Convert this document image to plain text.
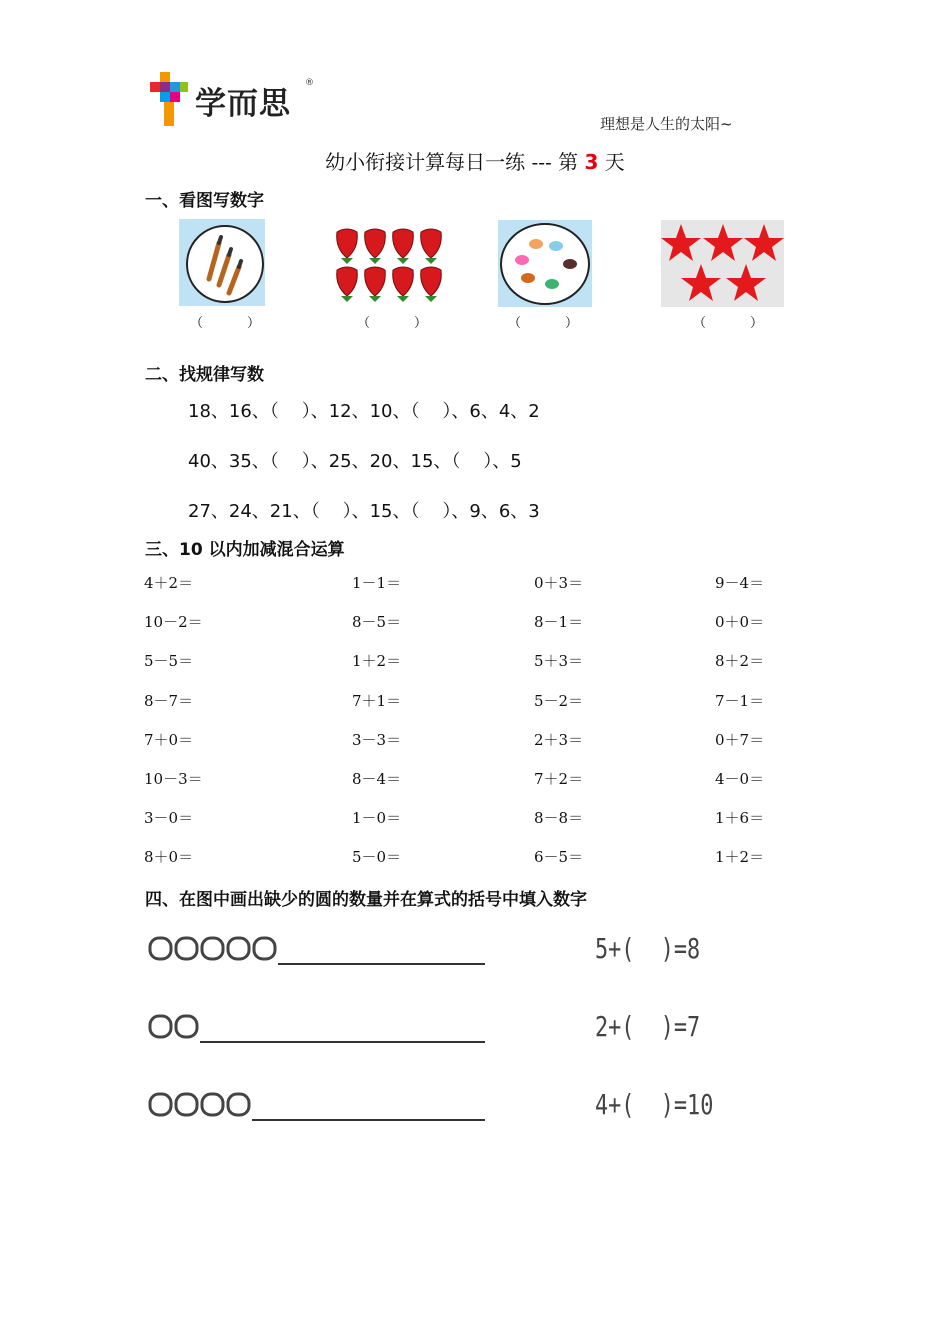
学而思
®
理想是人生的太阳~
幼小衔接计算每日一练 --- 第 3 天
一、看图写数字
（	）	（	）	（	）	（	）
二、找规律写数
18、16、（    ）、12、10、（    ）、6、4、2
40、35、（    ）、25、20、15、（    ）、5
27、24、21、（    ）、15、（    ）、9、6、3
三、10 以内加减混合运算
4＋2＝	1－1＝	0＋3＝	9－4＝
10－2＝	8－5＝	8－1＝	0＋0＝
5－5＝	1＋2＝	5＋3＝	8＋2＝
8－7＝	7＋1＝	5－2＝	7－1＝
7＋0＝	3－3＝	2＋3＝	0＋7＝
10－3＝	8－4＝	7＋2＝	4－0＝
3－0＝	1－0＝	8－8＝	1＋6＝
8＋0＝	5－0＝	6－5＝	1＋2＝
四、在图中画出缺少的圆的数量并在算式的括号中填入数字
5+(  )=8
2+(  )=7
4+(  )=10
